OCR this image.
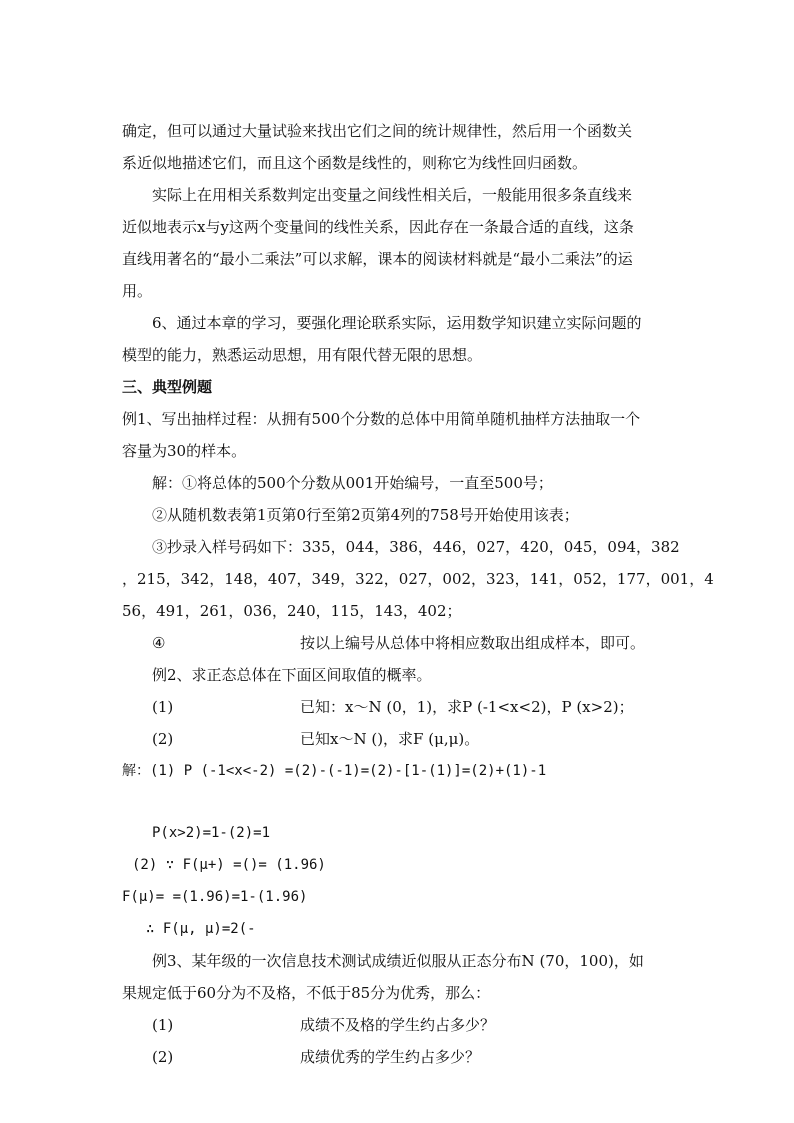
确定，但可以通过大量试验来找出它们之间的统计规律性，然后用一个函数关
系近似地描述它们，而且这个函数是线性的，则称它为线性回归函数。
实际上在用相关系数判定出变量之间线性相关后，一般能用很多条直线来
近似地表示x与y这两个变量间的线性关系，因此存在一条最合适的直线，这条
直线用著名的“最小二乘法”可以求解，课本的阅读材料就是“最小二乘法”的运
用。
6、通过本章的学习，要强化理论联系实际，运用数学知识建立实际问题的
模型的能力，熟悉运动思想，用有限代替无限的思想。
三、典型例题
例1、写出抽样过程：从拥有500个分数的总体中用简单随机抽样方法抽取一个
容量为30的样本。
解：①将总体的500个分数从001开始编号，一直至500号；
②从随机数表第1页第0行至第2页第4列的758号开始使用该表；
③抄录入样号码如下：335，044，386，446，027，420，045，094，382
，215，342，148，407，349，322，027，002，323，141，052，177，001，4
56，491，261，036，240，115，143，402；
④	按以上编号从总体中将相应数取出组成样本，即可。
例2、求正态总体在下面区间取值的概率。
(1)	已知：x～N (0，1)，求P (-1<x<2)，P (x>2)；
(2)	已知x～N ()，求F (μ,μ)。
解：(1) P (-1<x<-2) =(2)-(-1)=(2)-[1-(1)]=(2)+(1)-1
P(x>2)=1-(2)=1
(2) ∵ F(μ+) =()= (1.96)
F(μ)= =(1.96)=1-(1.96)
∴ F(μ, μ)=2(-
例3、某年级的一次信息技术测试成绩近似服从正态分布N (70，100)，如
果规定低于60分为不及格，不低于85分为优秀，那么：
(1)	成绩不及格的学生约占多少？
(2)	成绩优秀的学生约占多少？
